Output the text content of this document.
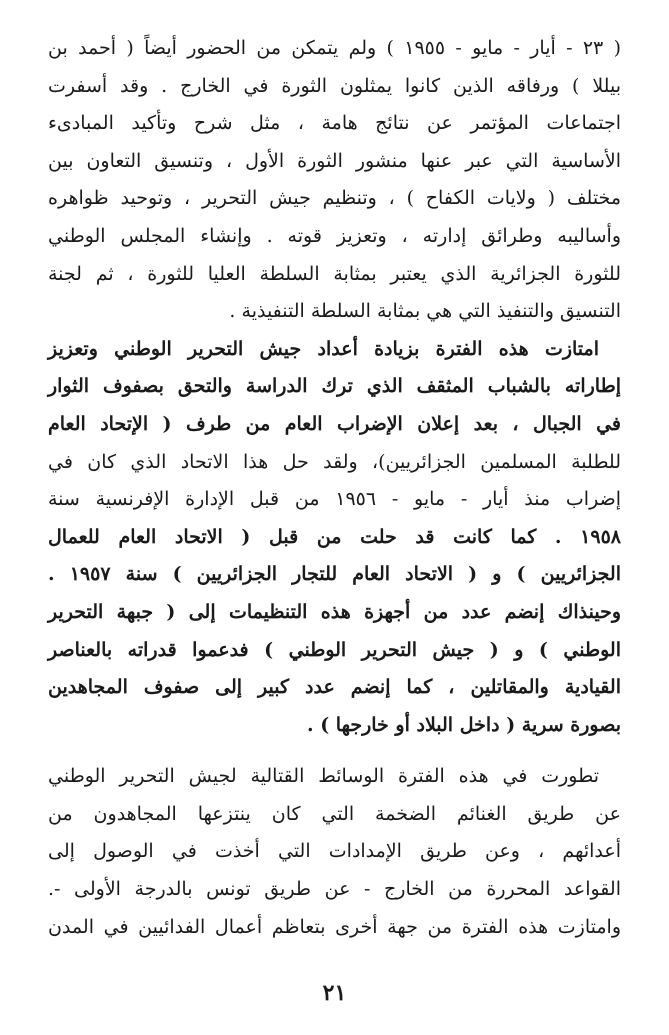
( ٢٣ - أيار - مايو - ١٩٥٥ ) ولم يتمكن من الحضور أيضاً ( أحمد بن
بيللا ) ورفاقه الذين كانوا يمثلون الثورة في الخارج . وقد أسفرت
اجتماعات المؤتمر عن نتائج هامة ، مثل شرح وتأكيد المبادىء
الأساسية التي عبر عنها منشور الثورة الأول ، وتنسيق التعاون بين
مختلف ( ولايات الكفاح ) ، وتنظيم جيش التحرير ، وتوحيد ظواهره
وأساليبه وطرائق إدارته ، وتعزيز قوته . وإنشاء المجلس الوطني
للثورة الجزائرية الذي يعتبر بمثابة السلطة العليا للثورة ، ثم لجنة
التنسيق والتنفيذ التي هي بمثابة السلطة التنفيذية .
امتازت هذه الفترة بزيادة أعداد جيش التحرير الوطني وتعزيز
إطاراته بالشباب المثقف الذي ترك الدراسة والتحق بصفوف الثوار
في الجبال ، بعد إعلان الإضراب العام من طرف ( الإتحاد العام
للطلبة المسلمين الجزائريين)، ولقد حل هذا الاتحاد الذي كان في
إضراب منذ أيار - مايو - ١٩٥٦ من قبل الإدارة الإفرنسية سنة
١٩٥٨ . كما كانت قد حلت من قبل ( الاتحاد العام للعمال
الجزائريين ) و ( الاتحاد العام للتجار الجزائريين ) سنة ١٩٥٧ .
وحينذاك إنضم عدد من أجهزة هذه التنظيمات إلى ( جبهة التحرير
الوطني ) و ( جيش التحرير الوطني ) فدعموا قدراته بالعناصر
القيادية والمقاتلين ، كما إنضم عدد كبير إلى صفوف المجاهدين
بصورة سرية ( داخل البلاد أو خارجها ) .
تطورت في هذه الفترة الوسائط القتالية لجيش التحرير الوطني
عن طريق الغنائم الضخمة التي كان ينتزعها المجاهدون من
أعدائهم ، وعن طريق الإمدادات التي أخذت في الوصول إلى
القواعد المحررة من الخارج - عن طريق تونس بالدرجة الأولى -.
وامتازت هذه الفترة من جهة أخرى بتعاظم أعمال الفدائيين في المدن
٢١
